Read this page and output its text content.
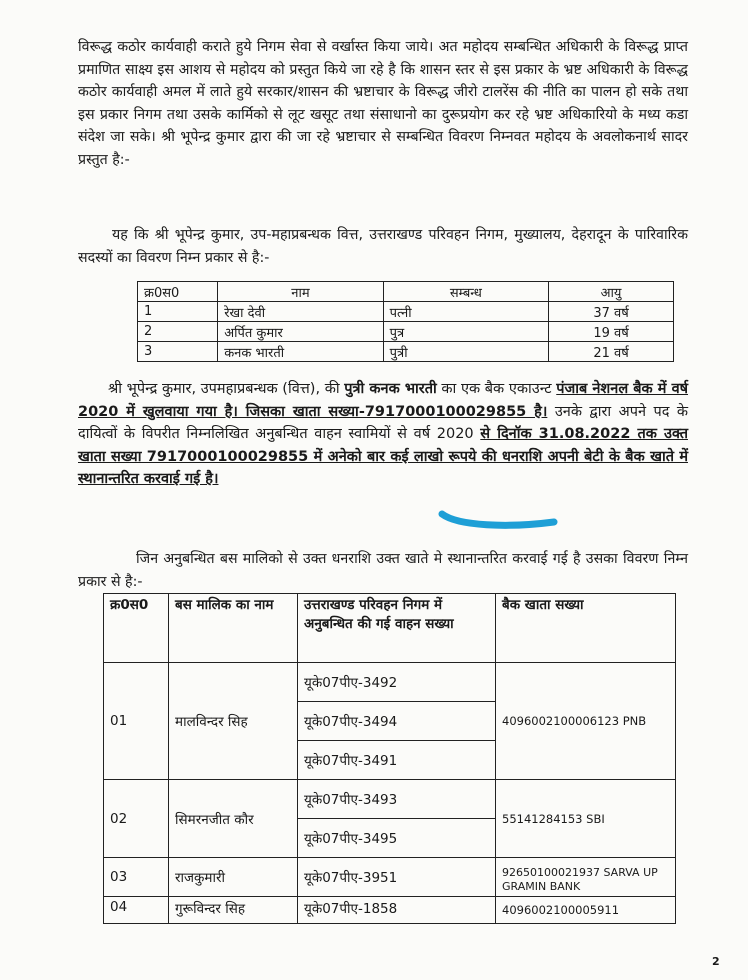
विरूद्ध कठोर कार्यवाही कराते हुये निगम सेवा से वर्खास्त किया जाये। अत महोदय सम्बन्धित अधिकारी के विरूद्ध प्राप्त प्रमाणित साक्ष्य इस आशय से महोदय को प्रस्तुत किये जा रहे है कि शासन स्तर से इस प्रकार के भ्रष्ट अधिकारी के विरूद्ध कठोर कार्यवाही अमल में लाते हुये सरकार/शासन की भ्रष्टाचार के विरूद्ध जीरो टालरेंस की नीति का पालन हो सके तथा इस प्रकार निगम तथा उसके कार्मिको से लूट खसूट तथा संसाधानो का दुरूप्रयोग कर रहे भ्रष्ट अधिकारियो के मध्य कडा संदेश जा सके। श्री भूपेन्द्र कुमार द्वारा की जा रहे भ्रष्टाचार से सम्बन्धित विवरण निम्नवत महोदय के अवलोकनार्थ सादर प्रस्तुत है:-
यह कि श्री भूपेन्द्र कुमार, उप-महाप्रबन्धक वित्त, उत्तराखण्ड परिवहन निगम, मुख्यालय, देहरादून के पारिवारिक सदस्यों का विवरण निम्न प्रकार से है:-
क्र0स0	नाम	सम्बन्ध	आयु
1	रेखा देवी	पत्नी	37 वर्ष
2	अर्पित कुमार	पुत्र	19 वर्ष
3	कनक भारती	पुत्री	21 वर्ष
श्री भूपेन्द्र कुमार, उपमहाप्रबन्धक (वित्त), की पुत्री कनक भारती का एक बैक एकाउन्ट पंजाब नेशनल बैक में वर्ष 2020 में खुलवाया गया है। जिसका खाता सख्या-7917000100029855 है। उनके द्वारा अपने पद के दायित्वों के विपरीत निम्नलिखित अनुबन्धित वाहन स्वामियों से वर्ष 2020 से दिनॉक 31.08.2022 तक उक्त खाता सख्या 7917000100029855 में अनेको बार कई लाखो रूपये की धनराशि अपनी बेटी के बैक खाते में स्थानान्तरित करवाई गई है।
जिन अनुबन्धित बस मालिको से उक्त धनराशि उक्त खाते मे स्थानान्तरित करवाई गई है उसका विवरण निम्न प्रकार से है:-
क्र0स0	बस मालिक का नाम	उत्तराखण्ड परिवहन निगम में अनुबन्धित की गई वाहन सख्या	बैक खाता सख्या
01	मालविन्दर सिह	यूके07पीए-3492	4096002100006123 PNB
		यूके07पीए-3494	
		यूके07पीए-3491	
02	सिमरनजीत कौर	यूके07पीए-3493	55141284153 SBI
		यूके07पीए-3495	
03	राजकुमारी	यूके07पीए-3951	92650100021937 SARVA UP GRAMIN BANK
04	गुरूविन्दर सिह	यूके07पीए-1858	4096002100005911
2
